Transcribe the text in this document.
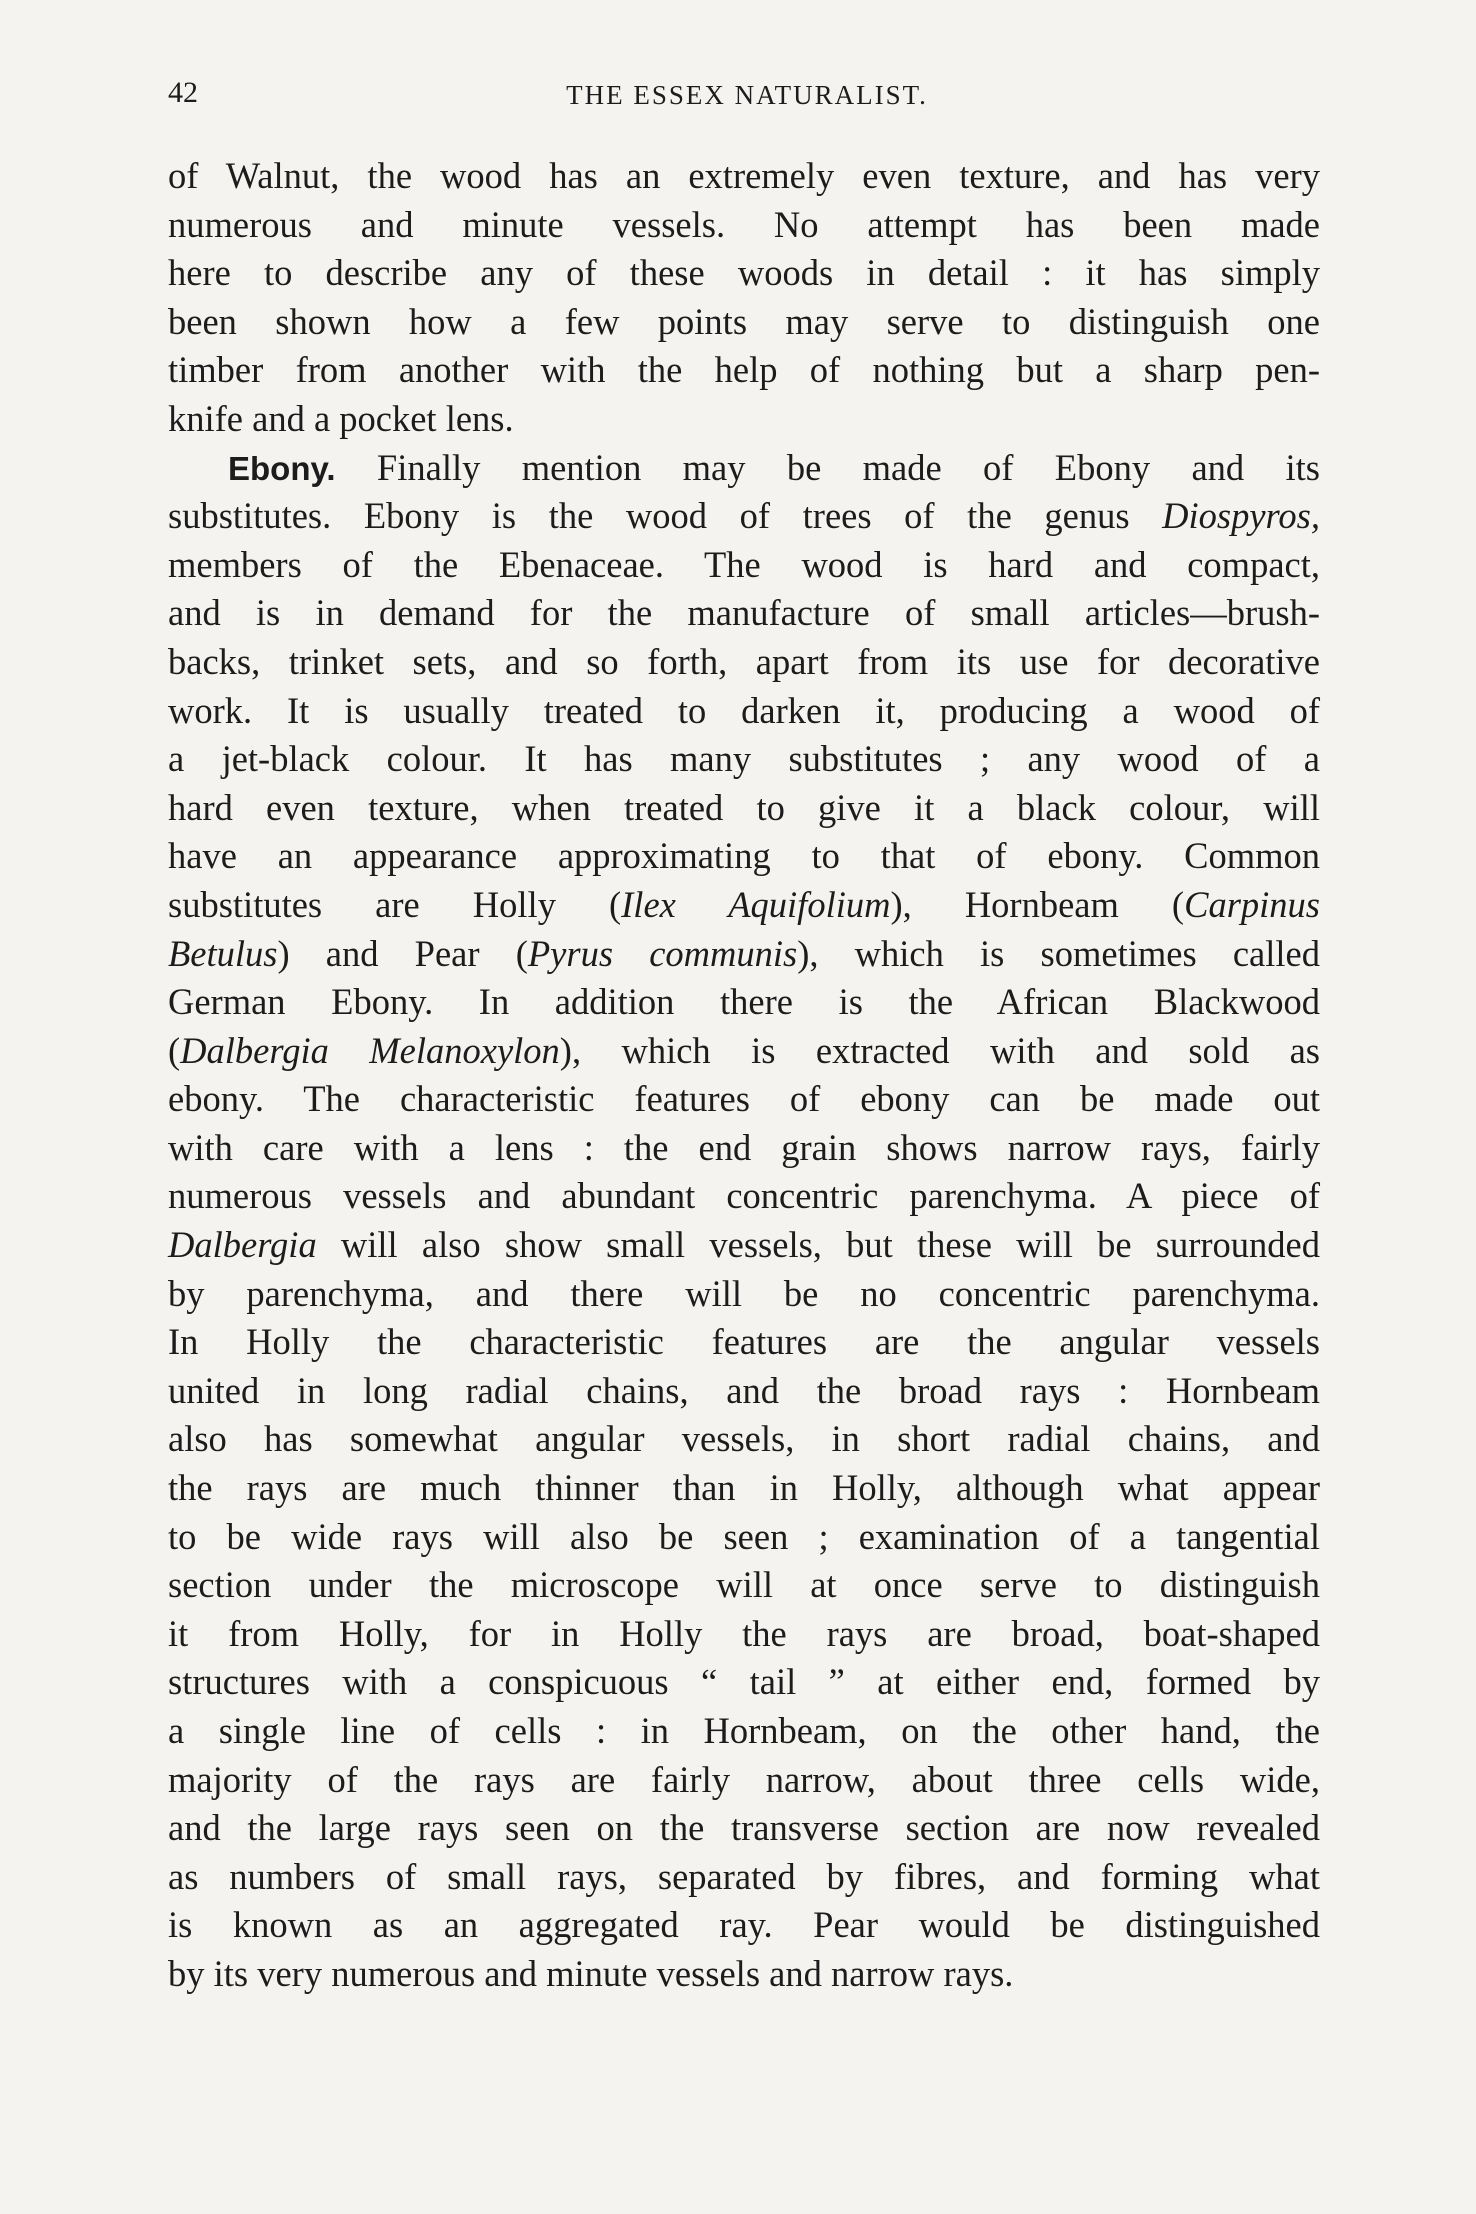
42	THE ESSEX NATURALIST.
of Walnut, the wood has an extremely even texture, and has very
numerous and minute vessels. No attempt has been made
here to describe any of these woods in detail : it has simply
been shown how a few points may serve to distinguish one
timber from another with the help of nothing but a sharp pen-
knife and a pocket lens.
Ebony. Finally mention may be made of Ebony and its
substitutes. Ebony is the wood of trees of the genus Diospyros,
members of the Ebenaceae. The wood is hard and compact,
and is in demand for the manufacture of small articles—brush-
backs, trinket sets, and so forth, apart from its use for decorative
work. It is usually treated to darken it, producing a wood of
a jet-black colour. It has many substitutes ; any wood of a
hard even texture, when treated to give it a black colour, will
have an appearance approximating to that of ebony. Common
substitutes are Holly (Ilex Aquifolium), Hornbeam (Carpinus
Betulus) and Pear (Pyrus communis), which is sometimes called
German Ebony. In addition there is the African Blackwood
(Dalbergia Melanoxylon), which is extracted with and sold as
ebony. The characteristic features of ebony can be made out
with care with a lens : the end grain shows narrow rays, fairly
numerous vessels and abundant concentric parenchyma. A piece of
Dalbergia will also show small vessels, but these will be surrounded
by parenchyma, and there will be no concentric parenchyma.
In Holly the characteristic features are the angular vessels
united in long radial chains, and the broad rays : Hornbeam
also has somewhat angular vessels, in short radial chains, and
the rays are much thinner than in Holly, although what appear
to be wide rays will also be seen ; examination of a tangential
section under the microscope will at once serve to distinguish
it from Holly, for in Holly the rays are broad, boat-shaped
structures with a conspicuous “ tail ” at either end, formed by
a single line of cells : in Hornbeam, on the other hand, the
majority of the rays are fairly narrow, about three cells wide,
and the large rays seen on the transverse section are now revealed
as numbers of small rays, separated by fibres, and forming what
is known as an aggregated ray. Pear would be distinguished
by its very numerous and minute vessels and narrow rays.
